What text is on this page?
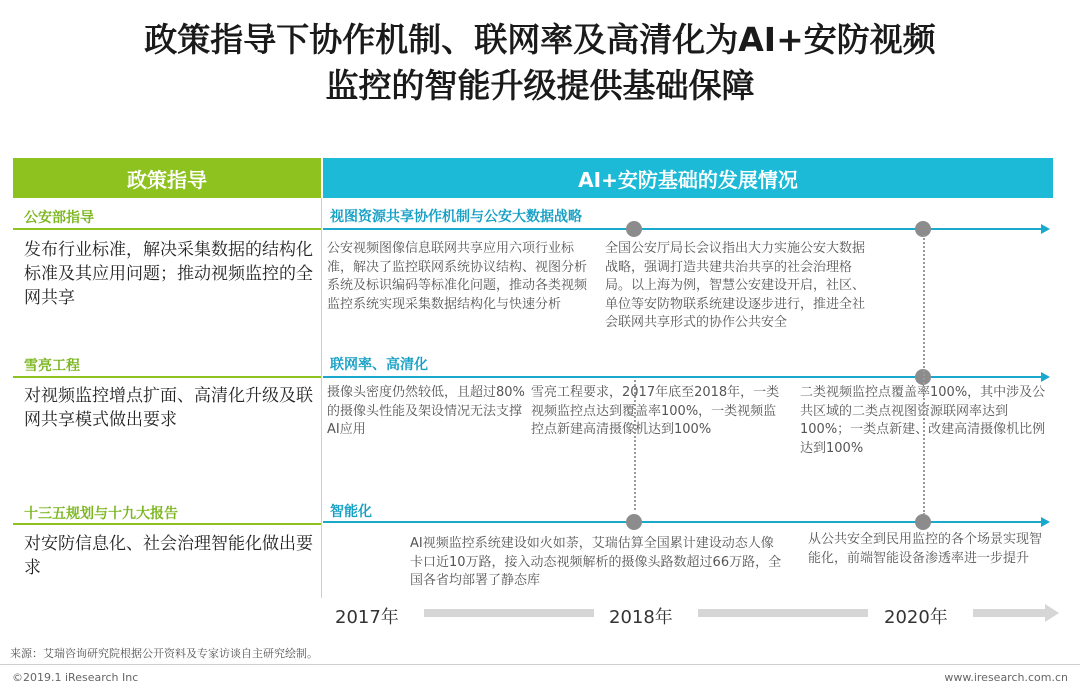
政策指导下协作机制、联网率及高清化为AI+安防视频
监控的智能升级提供基础保障
政策指导	AI+安防基础的发展情况
公安部指导
发布行业标准，解决采集数据的结构化标准及其应用问题；推动视频监控的全网共享
视图资源共享协作机制与公安大数据战略
公安视频图像信息联网共享应用六项行业标准，解决了监控联网系统协议结构、视图分析系统及标识编码等标准化问题，推动各类视频监控系统实现采集数据结构化与快速分析
全国公安厅局长会议指出大力实施公安大数据战略，强调打造共建共治共享的社会治理格局。以上海为例，智慧公安建设开启，社区、单位等安防物联系统建设逐步进行，推进全社会联网共享形式的协作公共安全
雪亮工程
对视频监控增点扩面、高清化升级及联网共享模式做出要求
联网率、高清化
摄像头密度仍然较低，且超过80%的摄像头性能及架设情况无法支撑AI应用
雪亮工程要求，2017年底至2018年，一类视频监控点达到覆盖率100%，一类视频监控点新建高清摄像机达到100%
二类视频监控点覆盖率100%，其中涉及公共区域的二类点视图资源联网率达到100%；一类点新建、改建高清摄像机比例达到100%
十三五规划与十九大报告
对安防信息化、社会治理智能化做出要求
智能化
AI视频监控系统建设如火如荼，艾瑞估算全国累计建设动态人像卡口近10万路，接入动态视频解析的摄像头路数超过66万路，全国各省均部署了静态库
从公共安全到民用监控的各个场景实现智能化，前端智能设备渗透率进一步提升
2017年	2018年	2020年
来源：艾瑞咨询研究院根据公开资料及专家访谈自主研究绘制。
©2019.1 iResearch Inc	www.iresearch.com.cn
